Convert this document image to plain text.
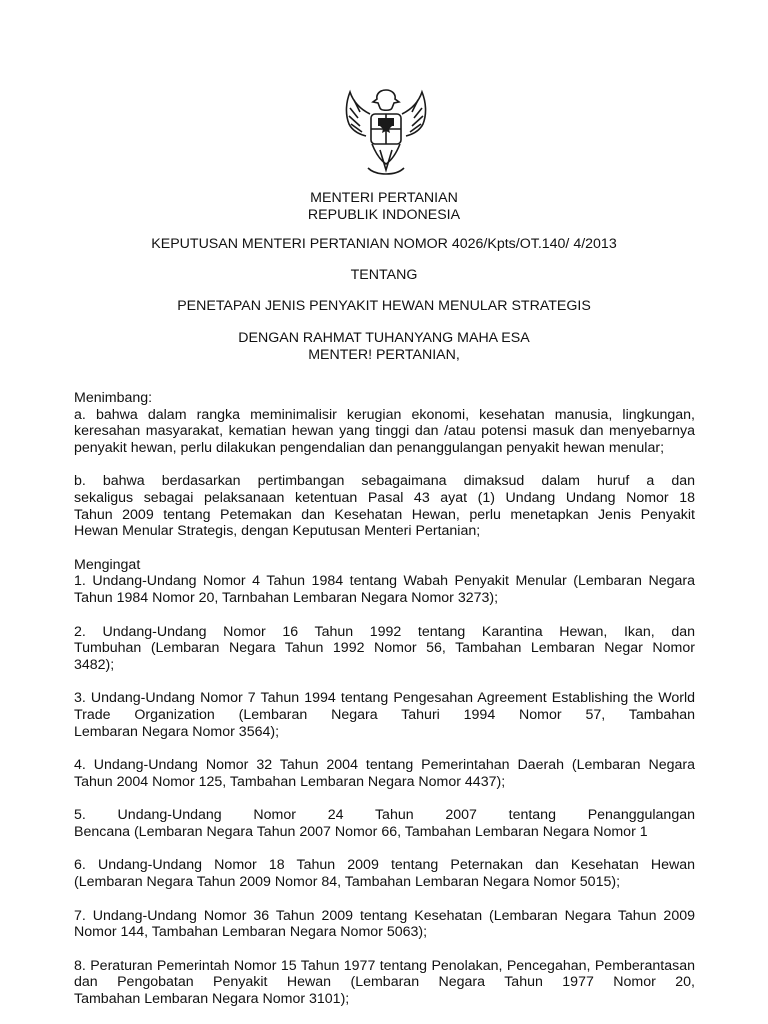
MENTERI PERTANIAN
REPUBLIK INDONESIA
KEPUTUSAN MENTERI PERTANIAN NOMOR 4026/Kpts/OT.140/ 4/2013
TENTANG
PENETAPAN JENIS PENYAKIT HEWAN MENULAR STRATEGIS
DENGAN RAHMAT TUHANYANG MAHA ESA
MENTER! PERTANIAN,
Menimbang:
a. bahwa dalam rangka meminimalisir kerugian ekonomi, kesehatan manusia, lingkungan,
keresahan masyarakat, kematian hewan yang tinggi dan /atau potensi masuk dan menyebarnya
penyakit hewan, perlu dilakukan pengendalian dan penanggulangan penyakit hewan menular;
b. bahwa berdasarkan pertimbangan sebagaimana dimaksud dalam huruf a dan
sekaligus sebagai pelaksanaan ketentuan Pasal 43 ayat (1) Undang Undang Nomor 18
Tahun 2009 tentang Petemakan dan Kesehatan Hewan, perlu menetapkan Jenis Penyakit
Hewan Menular Strategis, dengan Keputusan Menteri Pertanian;
Mengingat
1. Undang-Undang Nomor 4 Tahun 1984 tentang Wabah Penyakit Menular (Lembaran Negara
Tahun 1984 Nomor 20, Tarnbahan Lembaran Negara Nomor 3273);
2. Undang-Undang Nomor 16 Tahun 1992 tentang Karantina Hewan, Ikan, dan
Tumbuhan (Lembaran Negara Tahun 1992 Nomor 56, Tambahan Lembaran Negar Nomor
3482);
3. Undang-Undang Nomor 7 Tahun 1994 tentang Pengesahan Agreement Establishing the World
Trade Organization (Lembaran Negara Tahuri 1994 Nomor 57, Tambahan
Lembaran Negara Nomor 3564);
4. Undang-Undang Nomor 32 Tahun 2004 tentang Pemerintahan Daerah (Lembaran Negara
Tahun 2004 Nomor 125, Tambahan Lembaran Negara Nomor 4437);
5. Undang-Undang Nomor 24 Tahun 2007 tentang Penanggulangan
Bencana (Lembaran Negara Tahun 2007 Nomor 66, Tambahan Lembaran Negara Nomor 1
6. Undang-Undang Nomor 18 Tahun 2009 tentang Peternakan dan Kesehatan Hewan
(Lembaran Negara Tahun 2009 Nomor 84, Tambahan Lembaran Negara Nomor 5015);
7. Undang-Undang Nomor 36 Tahun 2009 tentang Kesehatan (Lembaran Negara Tahun 2009
Nomor 144, Tambahan Lembaran Negara Nomor 5063);
8. Peraturan Pemerintah Nomor 15 Tahun 1977 tentang Penolakan, Pencegahan, Pemberantasan
dan Pengobatan Penyakit Hewan (Lembaran Negara Tahun 1977 Nomor 20,
Tambahan Lembaran Negara Nomor 3101);
